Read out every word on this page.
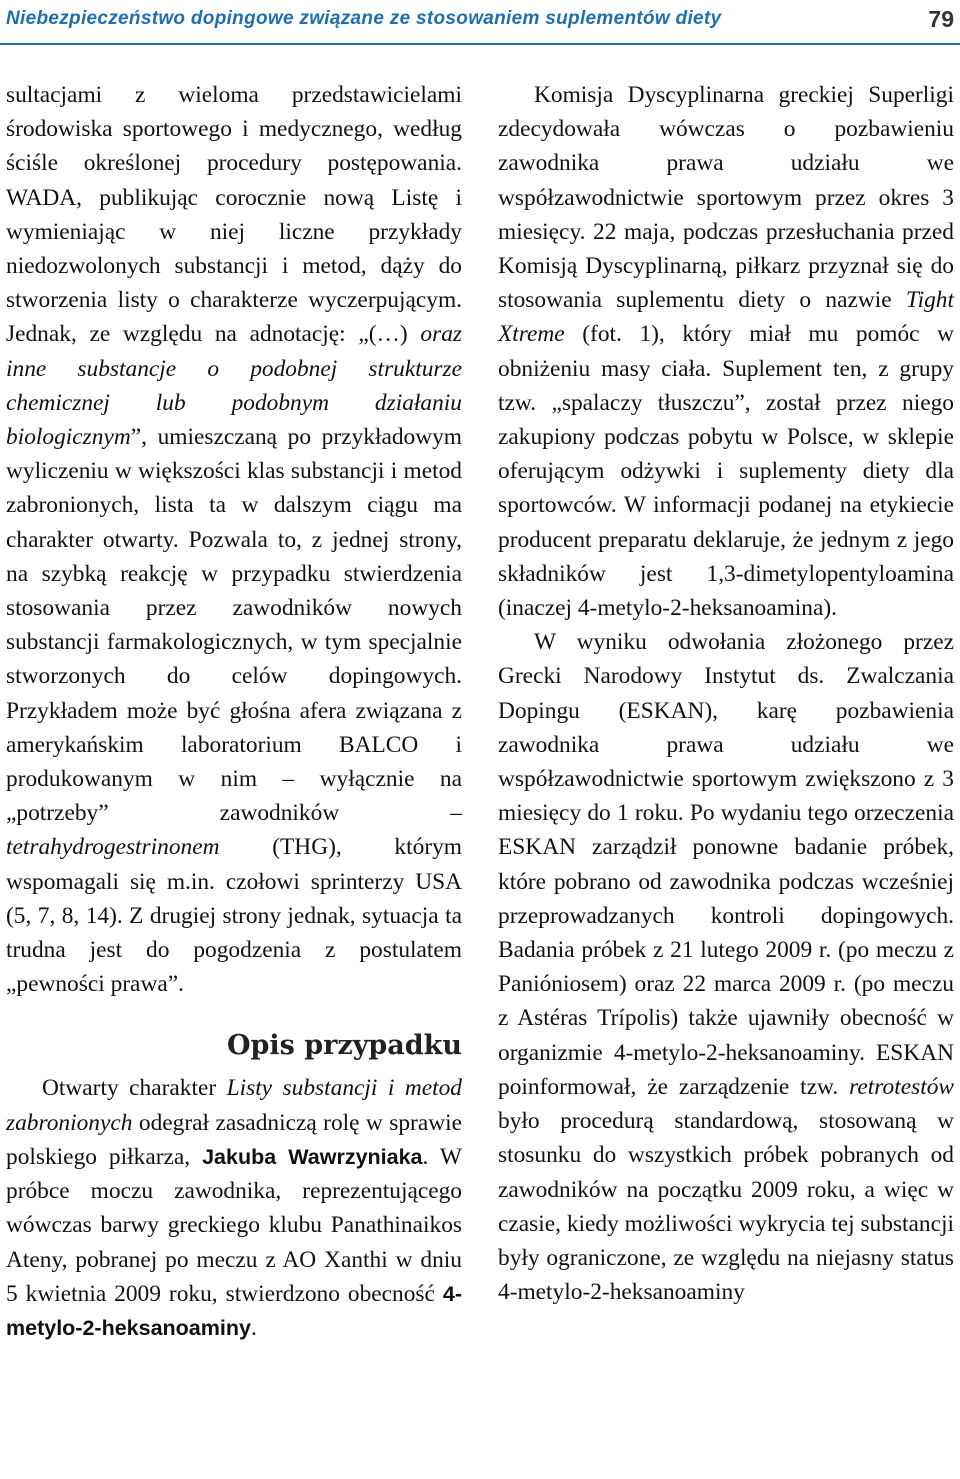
Niebezpieczeństwo dopingowe związane ze stosowaniem suplementów diety	79

sultacjami z wieloma przedstawicielami środowiska sportowego i medycznego, według ściśle określonej procedury postępowania. WADA, publikując corocznie nową Listę i wymieniając w niej liczne przykłady niedozwolonych substancji i metod, dąży do stworzenia listy o charakterze wyczerpującym. Jednak, ze względu na adnotację: „(…) oraz inne substancje o podobnej strukturze chemicznej lub podobnym działaniu biologicznym”, umieszczaną po przykładowym wyliczeniu w większości klas substancji i metod zabronionych, lista ta w dalszym ciągu ma charakter otwarty. Pozwala to, z jednej strony, na szybką reakcję w przypadku stwierdzenia stosowania przez zawodników nowych substancji farmakologicznych, w tym specjalnie stworzonych do celów dopingowych. Przykładem może być głośna afera związana z amerykańskim laboratorium BALCO i produkowanym w nim – wyłącznie na „potrzeby” zawodników – tetrahydrogestrinonem (THG), którym wspomagali się m.in. czołowi sprinterzy USA (5, 7, 8, 14). Z drugiej strony jednak, sytuacja ta trudna jest do pogodzenia z postulatem „pewności prawa”.

Opis przypadku

Otwarty charakter Listy substancji i metod zabronionych odegrał zasadniczą rolę w sprawie polskiego piłkarza, Jakuba Wawrzyniaka. W próbce moczu zawodnika, reprezentującego wówczas barwy greckiego klubu Panathinaikos Ateny, pobranej po meczu z AO Xanthi w dniu 5 kwietnia 2009 roku, stwierdzono obecność 4-metylo-2-heksanoaminy.

Komisja Dyscyplinarna greckiej Superligi zdecydowała wówczas o pozbawieniu zawodnika prawa udziału we współzawodnictwie sportowym przez okres 3 miesięcy. 22 maja, podczas przesłuchania przed Komisją Dyscyplinarną, piłkarz przyznał się do stosowania suplementu diety o nazwie Tight Xtreme (fot. 1), który miał mu pomóc w obniżeniu masy ciała. Suplement ten, z grupy tzw. „spalaczy tłuszczu”, został przez niego zakupiony podczas pobytu w Polsce, w sklepie oferującym odżywki i suplementy diety dla sportowców. W informacji podanej na etykiecie producent preparatu deklaruje, że jednym z jego składników jest 1,3-dimetylopentyloamina (inaczej 4-metylo-2-heksanoamina).

W wyniku odwołania złożonego przez Grecki Narodowy Instytut ds. Zwalczania Dopingu (ESKAN), karę pozbawienia zawodnika prawa udziału we współzawodnictwie sportowym zwiększono z 3 miesięcy do 1 roku. Po wydaniu tego orzeczenia ESKAN zarządził ponowne badanie próbek, które pobrano od zawodnika podczas wcześniej przeprowadzanych kontroli dopingowych. Badania próbek z 21 lutego 2009 r. (po meczu z Panióniosem) oraz 22 marca 2009 r. (po meczu z Astéras Trípolis) także ujawniły obecność w organizmie 4-metylo-2-heksanoaminy. ESKAN poinformował, że zarządzenie tzw. retrotestów było procedurą standardową, stosowaną w stosunku do wszystkich próbek pobranych od zawodników na początku 2009 roku, a więc w czasie, kiedy możliwości wykrycia tej substancji były ograniczone, ze względu na niejasny status 4-metylo-2-heksanoaminy
